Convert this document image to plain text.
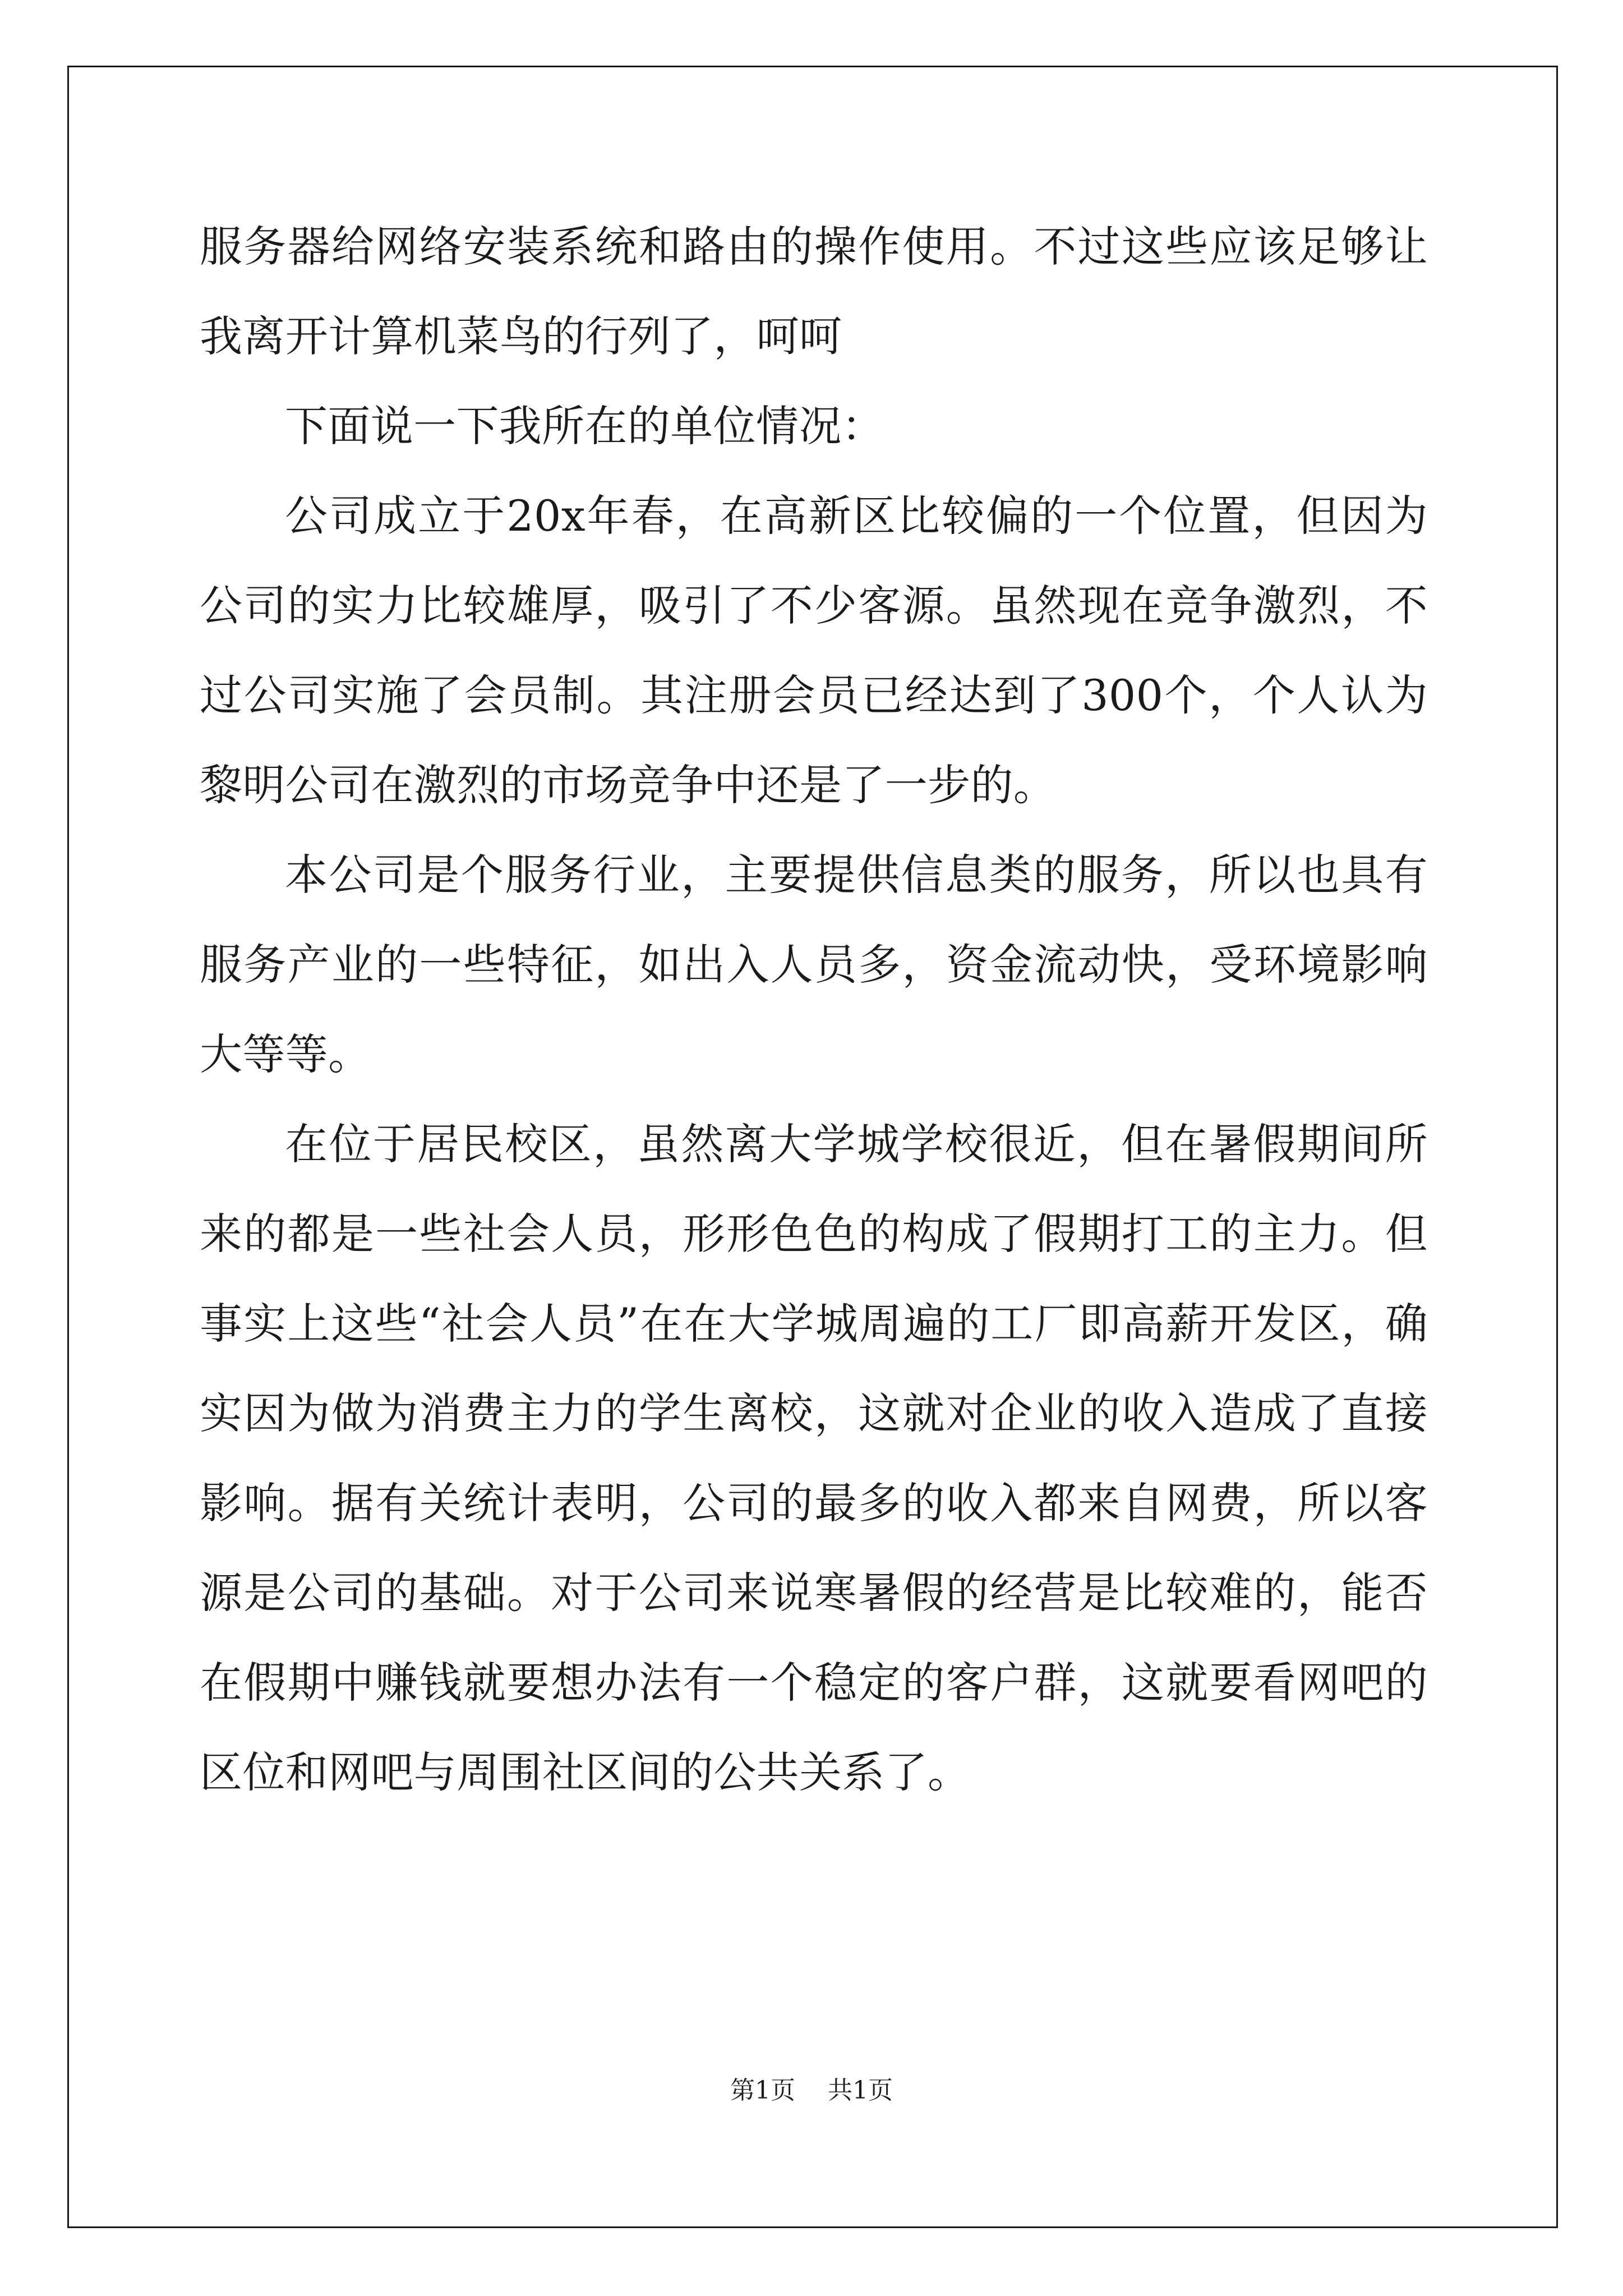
服务器给网络安装系统和路由的操作使用。不过这些应该足够让我离开计算机菜鸟的行列了，呵呵

下面说一下我所在的单位情况：

公司成立于20x年春，在高新区比较偏的一个位置，但因为公司的实力比较雄厚，吸引了不少客源。虽然现在竞争激烈，不过公司实施了会员制。其注册会员已经达到了300个，个人认为黎明公司在激烈的市场竞争中还是了一步的。

本公司是个服务行业，主要提供信息类的服务，所以也具有服务产业的一些特征，如出入人员多，资金流动快，受环境影响大等等。

在位于居民校区，虽然离大学城学校很近，但在暑假期间所来的都是一些社会人员，形形色色的构成了假期打工的主力。但事实上这些“社会人员”在在大学城周遍的工厂即高薪开发区，确实因为做为消费主力的学生离校，这就对企业的收入造成了直接影响。据有关统计表明，公司的最多的收入都来自网费，所以客源是公司的基础。对于公司来说寒暑假的经营是比较难的，能否在假期中赚钱就要想办法有一个稳定的客户群，这就要看网吧的区位和网吧与周围社区间的公共关系了。

第1页 共1页
